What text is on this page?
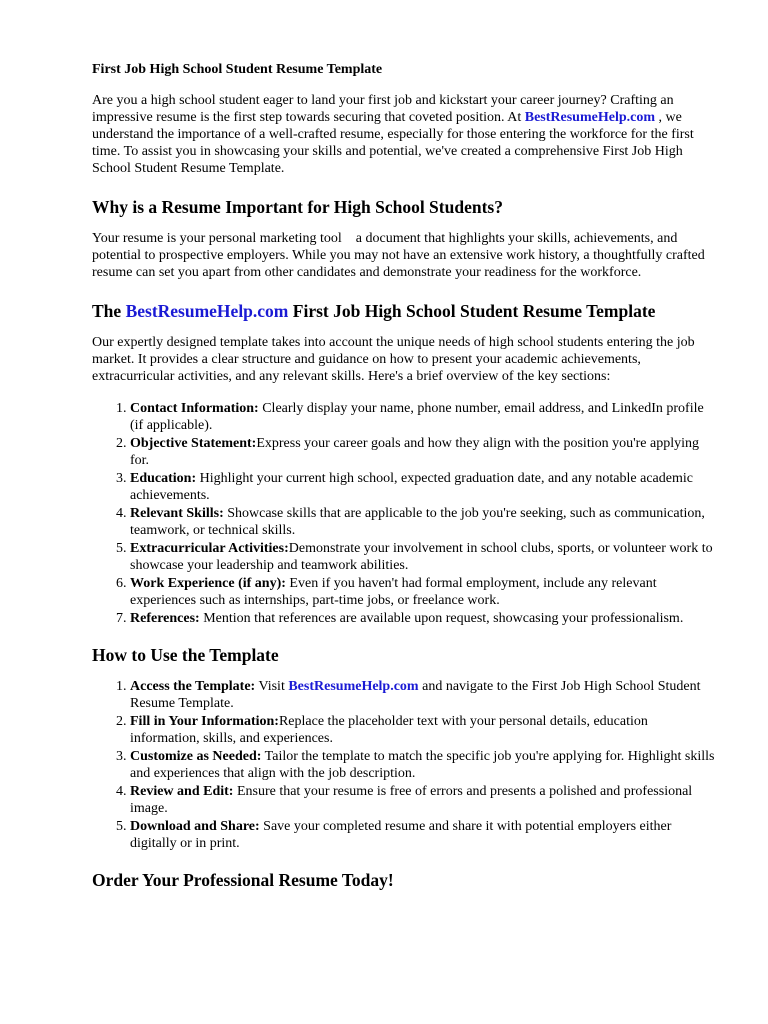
First Job High School Student Resume Template

Are you a high school student eager to land your first job and kickstart your career journey? Crafting an impressive resume is the first step towards securing that coveted position. At BestResumeHelp.com , we understand the importance of a well-crafted resume, especially for those entering the workforce for the first time. To assist you in showcasing your skills and potential, we've created a comprehensive First Job High School Student Resume Template.

Why is a Resume Important for High School Students?

Your resume is your personal marketing tool    a document that highlights your skills, achievements, and potential to prospective employers. While you may not have an extensive work history, a thoughtfully crafted resume can set you apart from other candidates and demonstrate your readiness for the workforce.

The BestResumeHelp.com First Job High School Student Resume Template

Our expertly designed template takes into account the unique needs of high school students entering the job market. It provides a clear structure and guidance on how to present your academic achievements, extracurricular activities, and any relevant skills. Here's a brief overview of the key sections:

1. Contact Information: Clearly display your name, phone number, email address, and LinkedIn profile (if applicable).
2. Objective Statement:Express your career goals and how they align with the position you're applying for.
3. Education: Highlight your current high school, expected graduation date, and any notable academic achievements.
4. Relevant Skills: Showcase skills that are applicable to the job you're seeking, such as communication, teamwork, or technical skills.
5. Extracurricular Activities:Demonstrate your involvement in school clubs, sports, or volunteer work to showcase your leadership and teamwork abilities.
6. Work Experience (if any): Even if you haven't had formal employment, include any relevant experiences such as internships, part-time jobs, or freelance work.
7. References: Mention that references are available upon request, showcasing your professionalism.
How to Use the Template
1. Access the Template: Visit BestResumeHelp.com and navigate to the First Job High School Student Resume Template.
2. Fill in Your Information:Replace the placeholder text with your personal details, education information, skills, and experiences.
3. Customize as Needed: Tailor the template to match the specific job you're applying for. Highlight skills and experiences that align with the job description.
4. Review and Edit: Ensure that your resume is free of errors and presents a polished and professional image.
5. Download and Share: Save your completed resume and share it with potential employers either digitally or in print.
Order Your Professional Resume Today!
